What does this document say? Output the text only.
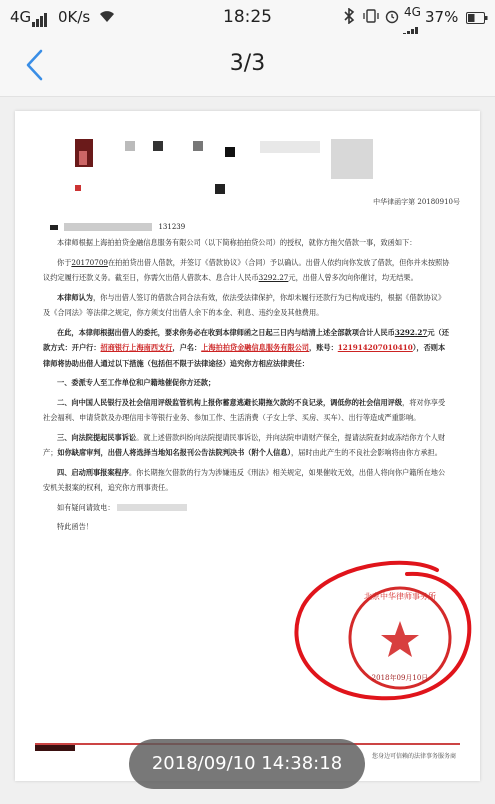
4G 0K/s	18:25	4G 37%
3/3
中华律函字第 20180910号
131239

本律师根据上海拍拍贷金融信息服务有限公司（以下简称拍拍贷公司）的授权，就你方拖欠借款一事，致函如下：

你于20170709在拍拍贷出借人借款，并签订《借款协议》（合同）予以确认。出借人依约向你发放了借款，但你并未按照协议约定履行还款义务。截至日，你需欠出借人借款本、息合计人民币3292.27元，出借人曾多次向你催讨，均无结果。

本律师认为，你与出借人签订的借款合同合法有效，依法受法律保护，你却未履行还款行为已构成违约，根据《借款协议》及《合同法》等法律之规定，你方须支付出借人余下的本金、利息、违约金及其他费用。

在此，本律师根据出借人的委托，要求你务必在收到本律师函之日起三日内与结清上述全部款项合计人民币3292.27元（还款方式：开户行：招商银行上海南西支行，户名：上海拍拍贷金融信息服务有限公司，账号：121914207010410），否则本律师将协助出借人通过以下措施（包括但不限于法律途径）追究你方相应法律责任：

一、委派专人至工作单位和户籍地催促你方还款；

二、向中国人民银行及社会信用评级监管机构上报你蓄意逃避长期拖欠款的不良记录，调低你的社会信用评级，将对你享受社会福利、申请贷款及办理信用卡等银行业务、参加工作、生活消费（子女上学、买房、买车）、出行等造成严重影响。

三、向法院提起民事诉讼。就上述借款纠纷向法院提请民事诉讼，并向法院申请财产保全，提请法院查封或冻结你方个人财产；如你缺席审判，出借人将选择当地知名报刊公告法院判决书（附个人信息），届时由此产生的不良社会影响将由你方承担。

四、启动刑事报案程序。你长期拖欠借款的行为为涉嫌违反《刑法》相关规定，如果催收无效，出借人将向你户籍所在地公安机关报案的权利，追究你方刑事责任。

如有疑问请致电：

特此函告！

北京中华律师事务所
2018年09月10日
您身边可信赖的法律事务服务商
2018/09/10 14:38:18
